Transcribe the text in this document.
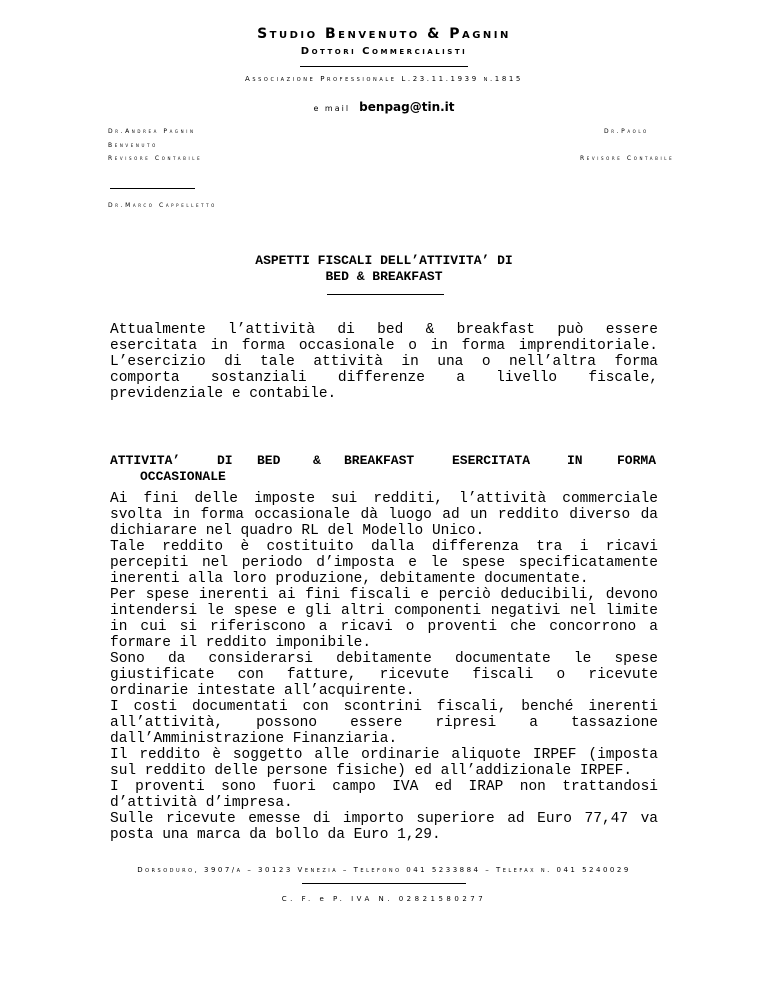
Studio Benvenuto & Pagnin
Dottori Commercialisti
Associazione Professionale L.23.11.1939 n.1815
e mail benpag@tin.it
Dr.Andrea Pagnin
Benvenuto
Revisore Contabile
Dr.Paolo
Revisore Contabile
Dr.Marco Cappelletto
ASPETTI FISCALI DELL’ATTIVITA’ DI
BED & BREAKFAST

Attualmente l’attività di bed & breakfast può essere esercitata in forma occasionale o in forma imprenditoriale. L’esercizio di tale attività in una o nell’altra forma comporta sostanziali differenze a livello fiscale, previdenziale e contabile.

ATTIVITA’	DI BED	& BREAKFAST	ESERCITATA	IN	FORMA
OCCASIONALE

Ai fini delle imposte sui redditi, l’attività commerciale svolta in forma occasionale dà luogo ad un reddito diverso da dichiarare nel quadro RL del Modello Unico.

Tale reddito è costituito dalla differenza tra i ricavi percepiti nel periodo d’imposta e le spese specificatamente inerenti alla loro produzione, debitamente documentate.

Per spese inerenti ai fini fiscali e perciò deducibili, devono intendersi le spese e gli altri componenti negativi nel limite in cui si riferiscono a ricavi o proventi che concorrono a formare il reddito imponibile.

Sono da considerarsi debitamente documentate le spese giustificate con fatture, ricevute fiscali o ricevute ordinarie intestate all’acquirente.

I costi documentati con scontrini fiscali, benché inerenti all’attività, possono essere ripresi a tassazione dall’Amministrazione Finanziaria.

Il reddito è soggetto alle ordinarie aliquote IRPEF (imposta sul reddito delle persone fisiche) ed all’addizionale IRPEF.

I proventi sono fuori campo IVA ed IRAP non trattandosi d’attività d’impresa.

Sulle ricevute emesse di importo superiore ad Euro 77,47 va posta una marca da bollo da Euro 1,29.

Dorsoduro, 3907/a – 30123 Venezia – Telefono 041 5233884 – Telefax n. 041 5240029
C. F. e P. IVA N. 02821580277
